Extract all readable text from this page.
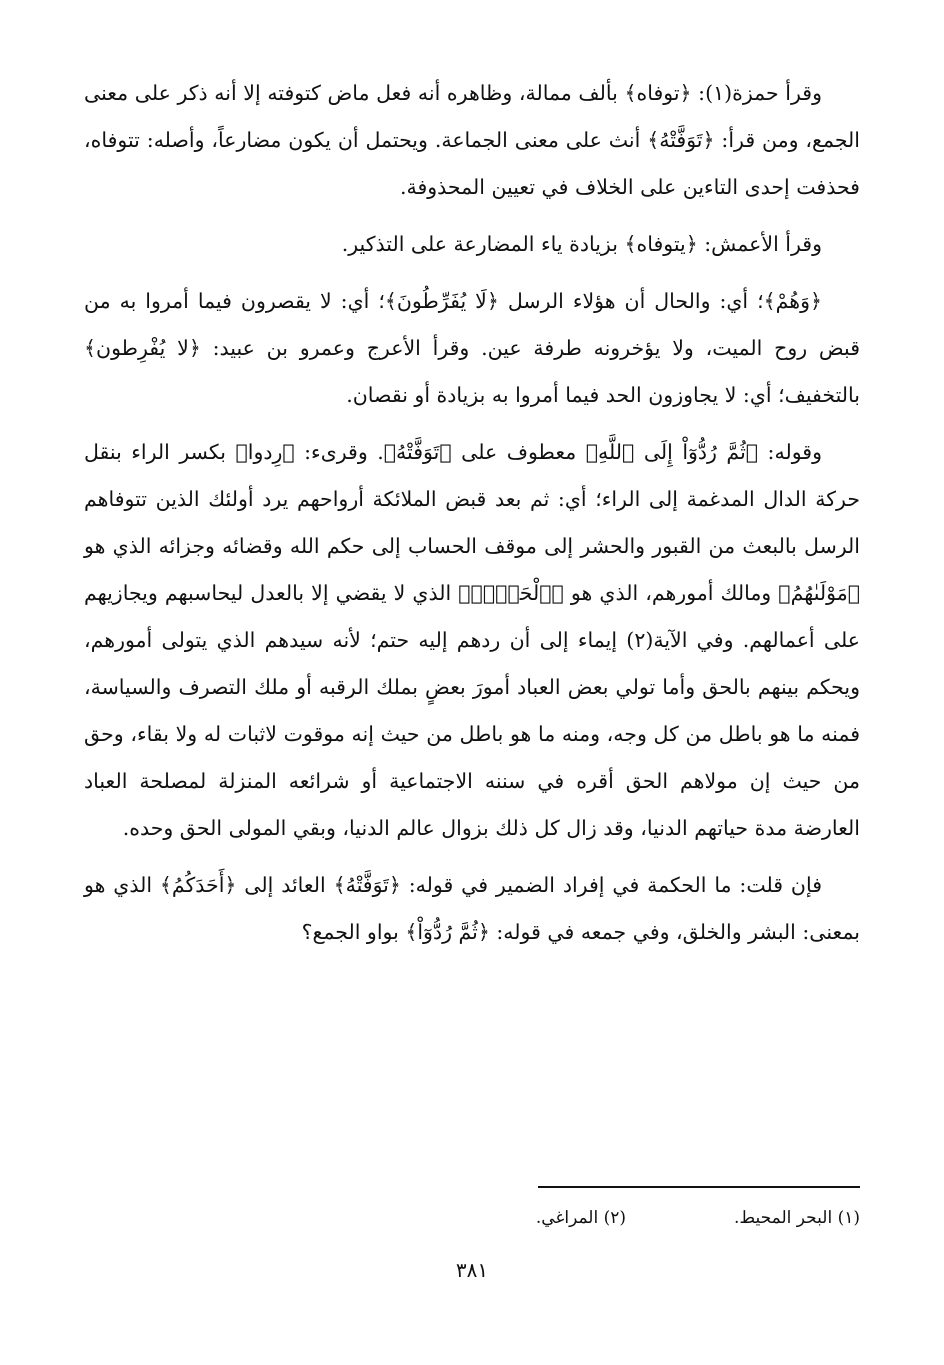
وقرأ حمزة(١): ﴿توفاه﴾ بألف ممالة، وظاهره أنه فعل ماض كتوفته إلا أنه ذكر على معنى الجمع، ومن قرأ: ﴿تَوَفَّتْهُ﴾ أنث على معنى الجماعة. ويحتمل أن يكون مضارعاً، وأصله: تتوفاه، فحذفت إحدى التاءين على الخلاف في تعيين المحذوفة.

وقرأ الأعمش: ﴿يتوفاه﴾ بزيادة ياء المضارعة على التذكير.

﴿وَهُمْ﴾؛ أي: والحال أن هؤلاء الرسل ﴿لَا يُفَرِّطُونَ﴾؛ أي: لا يقصرون فيما أمروا به من قبض روح الميت، ولا يؤخرونه طرفة عين. وقرأ الأعرج وعمرو بن عبيد: ﴿لا يُفْرِطون﴾ بالتخفيف؛ أي: لا يجاوزون الحد فيما أمروا به بزيادة أو نقصان.

وقوله: ﴿ثُمَّ رُدُّوٓاْ إِلَى ٱللَّهِ﴾ معطوف على ﴿تَوَفَّتْهُ﴾. وقرىء: ﴿رِدوا﴾ بكسر الراء بنقل حركة الدال المدغمة إلى الراء؛ أي: ثم بعد قبض الملائكة أرواحهم يرد أولئك الذين تتوفاهم الرسل بالبعث من القبور والحشر إلى موقف الحساب إلى حكم الله وقضائه وجزائه الذي هو ﴿مَوْلَىٰهُمُ﴾ ومالك أمورهم، الذي هو ﴿ٱلْحَقِّۚ﴾ الذي لا يقضي إلا بالعدل ليحاسبهم ويجازيهم على أعمالهم. وفي الآية(٢) إيماء إلى أن ردهم إليه حتم؛ لأنه سيدهم الذي يتولى أمورهم، ويحكم بينهم بالحق وأما تولي بعض العباد أمورَ بعضٍ بملك الرقبه أو ملك التصرف والسياسة، فمنه ما هو باطل من كل وجه، ومنه ما هو باطل من حيث إنه موقوت لاثبات له ولا بقاء، وحق من حيث إن مولاهم الحق أقره في سننه الاجتماعية أو شرائعه المنزلة لمصلحة العباد العارضة مدة حياتهم الدنيا، وقد زال كل ذلك بزوال عالم الدنيا، وبقي المولى الحق وحده.

فإن قلت: ما الحكمة في إفراد الضمير في قوله: ﴿تَوَفَّتْهُ﴾ العائد إلى ﴿أَحَدَكُمُ﴾ الذي هو بمعنى: البشر والخلق، وفي جمعه في قوله: ﴿ثُمَّ رُدُّوٓاْ﴾ بواو الجمع؟

(١) البحر المحيط.
(٢) المراغي.
٣٨١
